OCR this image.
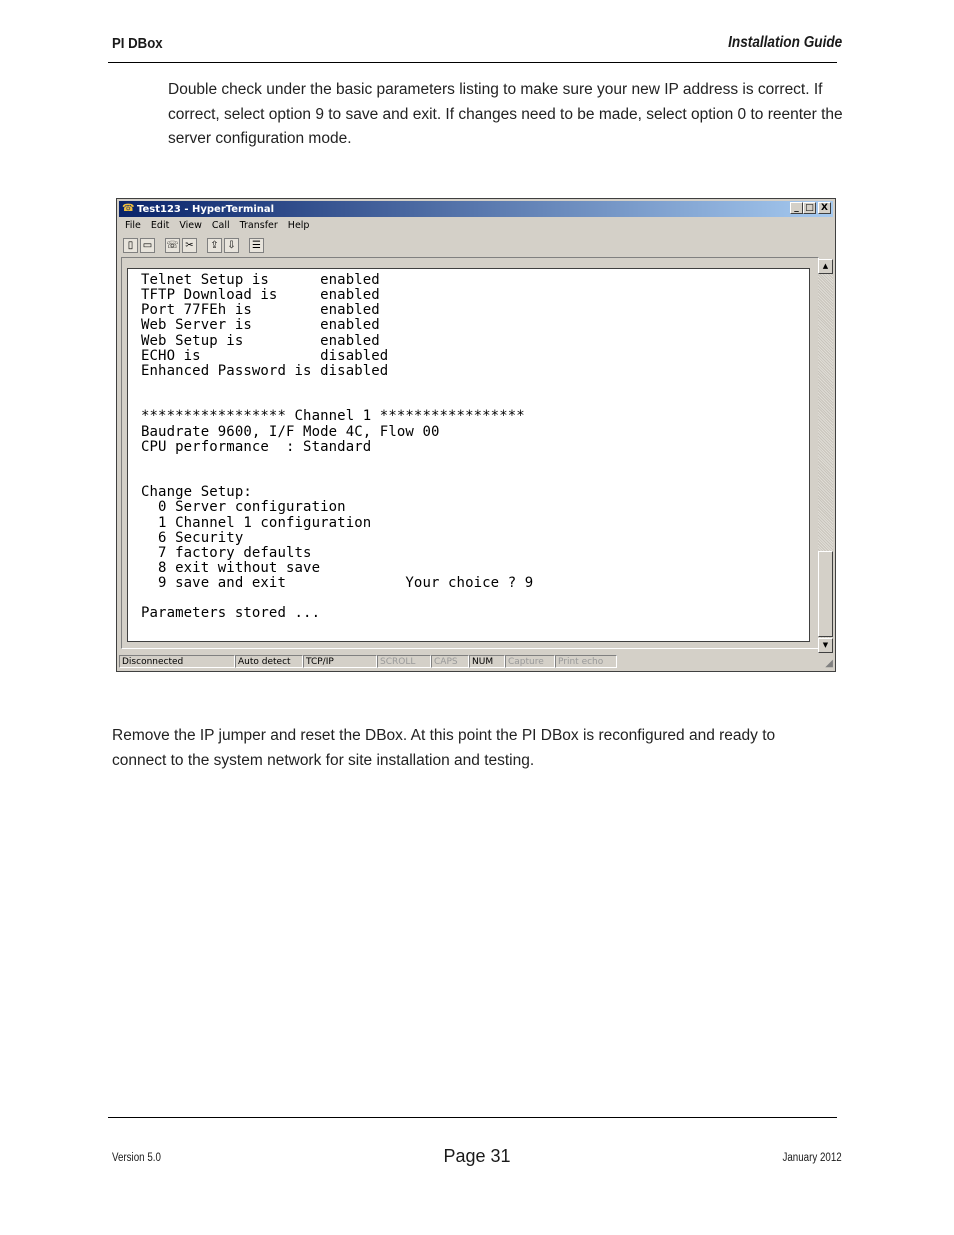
PI DBox	Installation Guide
Double check under the basic parameters listing to make sure your new IP address is correct. If correct, select option 9 to save and exit. If changes need to be made, select option 0 to reenter the server configuration mode.
☎ Test123 - HyperTerminal	_ □ X
File Edit View Call Transfer Help
▯ ▭ ☏ ✂	⇪ ⇩	☰
Telnet Setup is      enabled
TFTP Download is     enabled
Port 77FEh is        enabled
Web Server is        enabled
Web Setup is         enabled
ECHO is              disabled
Enhanced Password is disabled

***************** Channel 1 *****************
Baudrate 9600, I/F Mode 4C, Flow 00
CPU performance  : Standard

Change Setup:
0 Server configuration
1 Channel 1 configuration
6 Security
7 factory defaults
8 exit without save
9 save and exit              Your choice ? 9

Parameters stored ...
▲
▼
Disconnected	Auto detect	TCP/IP	SCROLL	CAPS	NUM	Capture	Print echo	◢
Remove the IP jumper and reset the DBox. At this point the PI DBox is reconfigured and ready to connect to the system network for site installation and testing.
Version 5.0	Page 31	January 2012
